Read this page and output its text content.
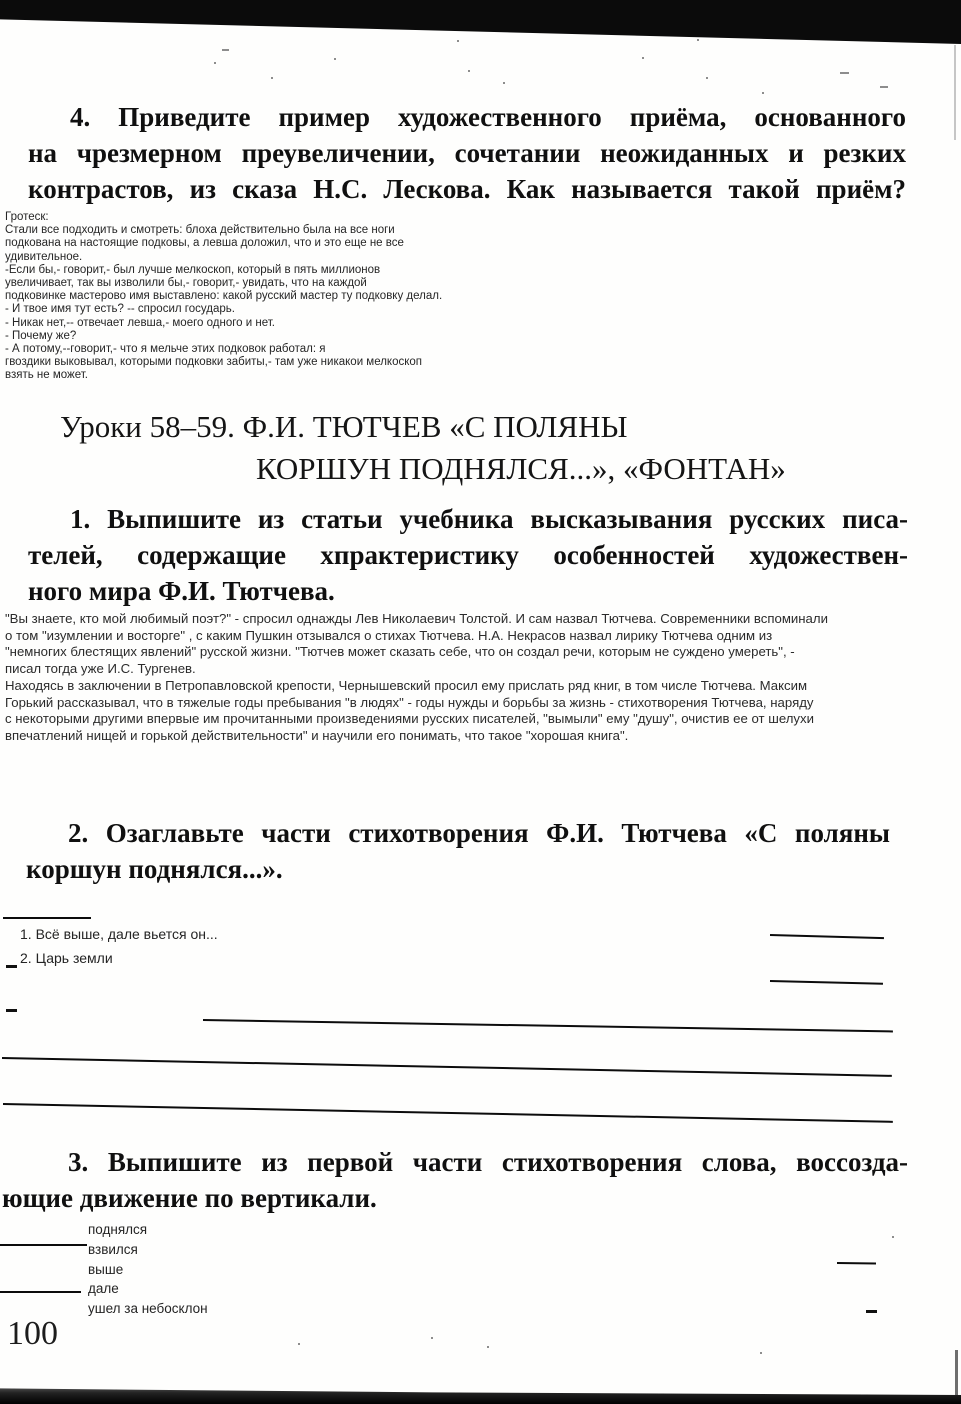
4. Приведите пример художественного приёма, основанного
на чрезмерном преувеличении, сочетании неожиданных и резких
контрастов, из сказа Н.С. Лескова. Как называется такой приём?
Гротеск:
Стали все подходить и смотреть: блоха действительно была на все ноги
подкована на настоящие подковы, а левша доложил, что и это еще не все
удивительное.
-Если бы,- говорит,- был лучше мелкоскоп, который в пять миллионов
увеличивает, так вы изволили бы,- говорит,- увидать, что на каждой
подковинке мастерово имя выставлено: какой русский мастер ту подковку делал.
- И твое имя тут есть? -- спросил государь.
- Никак нет,-- отвечает левша,- моего одного и нет.
- Почему же?
- А потому,--говорит,- что я мельче этих подковок работал: я
гвоздики выковывал, которыми подковки забиты,- там уже никакои мелкоскоп
взять не может.
Уроки 58–59. Ф.И. ТЮТЧЕВ «С ПОЛЯНЫ
КОРШУН ПОДНЯЛСЯ...», «ФОНТАН»
1. Выпишите из статьи учебника высказывания русских писа-
телей, содержащие хпрактеристику особенностей художествен-
ного мира Ф.И. Тютчева.
"Вы знаете, кто мой любимый поэт?" - спросил однажды Лев Николаевич Толстой. И сам назвал Тютчева. Современники вспоминали
о том "изумлении и восторге" , с каким Пушкин отзывался о стихах Тютчева. Н.А. Некрасов назвал лирику Тютчева одним из
"немногих блестящих явлений" русской жизни. "Тютчев может сказать себе, что он создал речи, которым не суждено умереть", -
писал тогда уже И.С. Тургенев.
Находясь в заключении в Петропавловской крепости, Чернышевский просил ему прислать ряд книг, в том числе Тютчева. Максим
Горький рассказывал, что в тяжелые годы пребывания "в людях" - годы нужды и борьбы за жизнь - стихотворения Тютчева, наряду
с некоторыми другими впервые им прочитанными произведениями русских писателей, "вымыли" ему "душу", очистив ее от шелухи
впечатлений нищей и горькой действительности" и научили его понимать, что такое "хорошая книга".
2. Озаглавьте части стихотворения Ф.И. Тютчева «С поляны
коршун поднялся...».
1. Всё выше, дале вьется он...
2. Царь земли
3. Выпишите из первой части стихотворения слова, воссозда-
ющие движение по вертикали.
поднялся
взвился
выше
дале
ушел за небосклон
100
